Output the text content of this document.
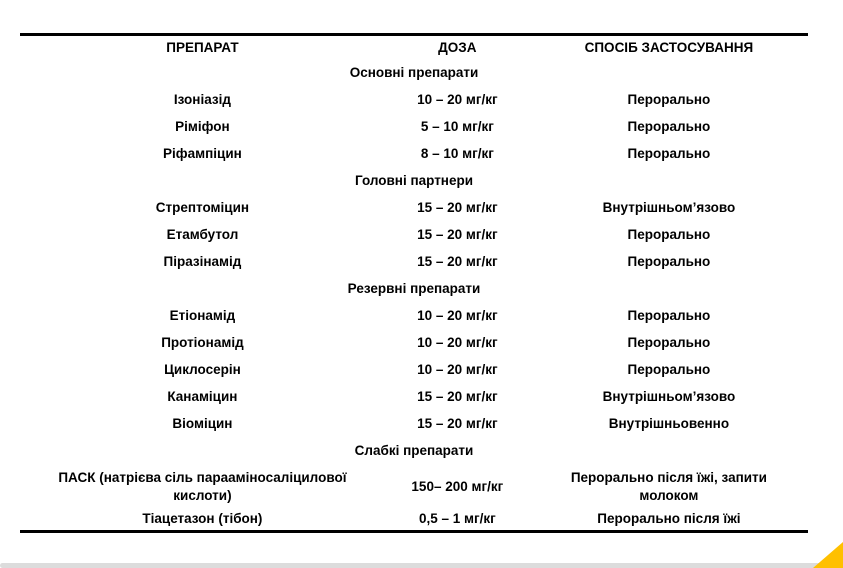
ПРЕПАРАТ	ДОЗА	СПОСІБ ЗАСТОСУВАННЯ
Основні препарати		
Ізоніазід	10 – 20 мг/кг	Перорально
Ріміфон	5 – 10 мг/кг	Перорально
Ріфампіцин	8 – 10 мг/кг	Перорально
Головні партнери		
Стрептоміцин	15 – 20 мг/кг	Внутрішньом’язово
Етамбутол	15 – 20 мг/кг	Перорально
Піразінамід	15 – 20 мг/кг	Перорально
Резервні препарати		
Етіонамід	10 – 20 мг/кг	Перорально
Протіонамід	10 – 20 мг/кг	Перорально
Циклосерін	10 – 20 мг/кг	Перорально
Канаміцин	15 – 20 мг/кг	Внутрішньом’язово
Віоміцин	15 – 20 мг/кг	Внутрішньовенно
Слабкі препарати		
ПАСК (натрієва сіль парааміносаліцилової кислоти)	150– 200 мг/кг	Перорально після їжі, запити молоком
Тіацетазон (тібон)	0,5 – 1 мг/кг	Перорально після їжі
